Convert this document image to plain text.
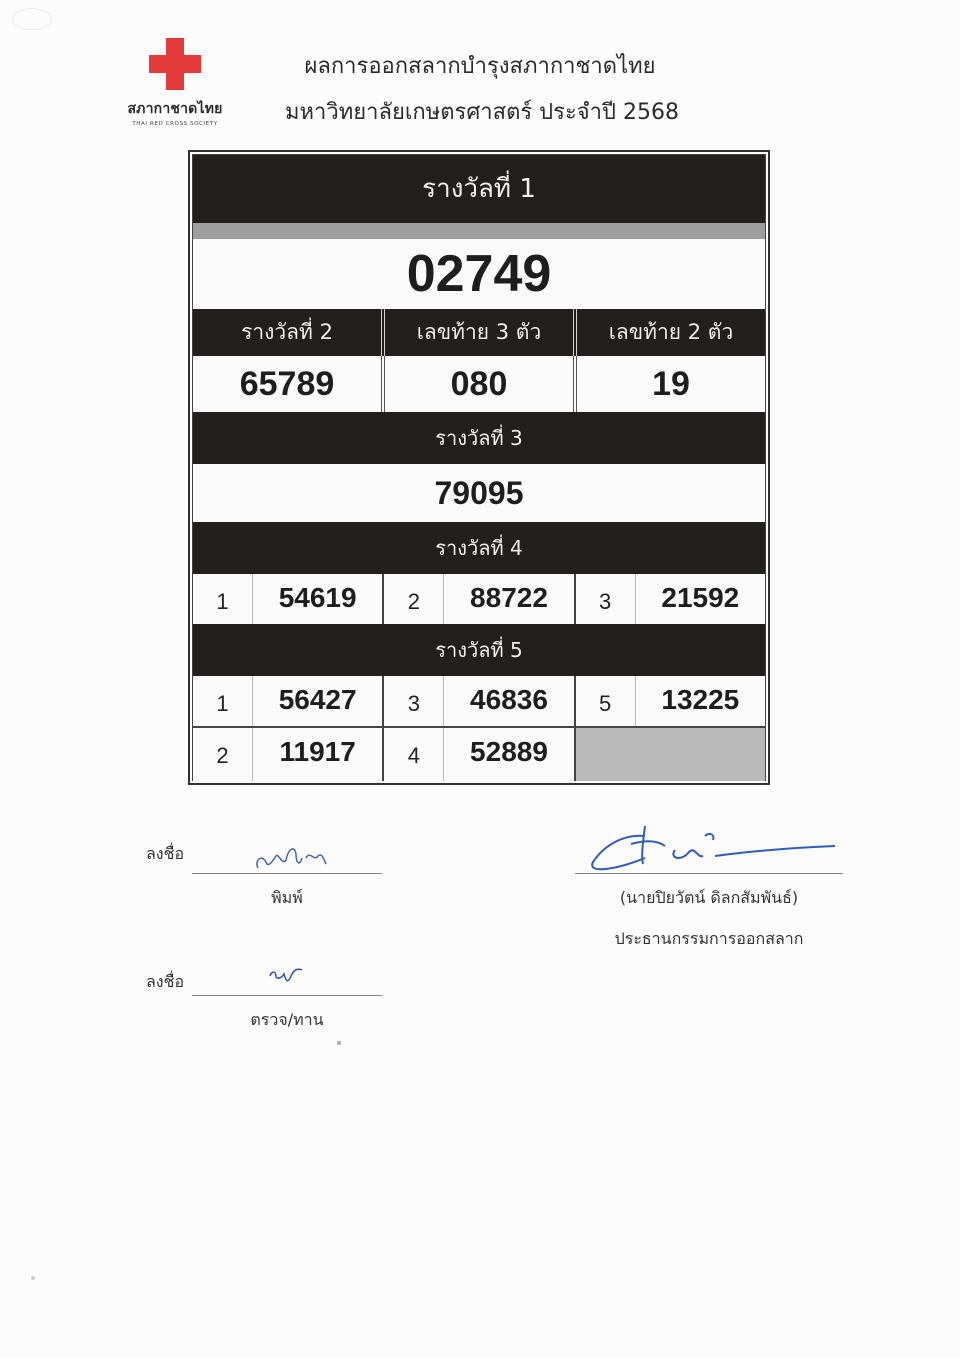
สภากาชาดไทย
THAI RED CROSS SOCIETY
ผลการออกสลากบำรุงสภากาชาดไทย
มหาวิทยาลัยเกษตรศาสตร์ ประจำปี 2568
รางวัลที่ 1
02749
รางวัลที่ 2	เลขท้าย 3 ตัว	เลขท้าย 2 ตัว
65789	080	19
รางวัลที่ 3
79095
รางวัลที่ 4
1	54619	2	88722	3	21592
รางวัลที่ 5
1	56427	3	46836	5	13225
2	11917	4	52889
ลงชื่อ
พิมพ์
ลงชื่อ
ตรวจ/ทาน
(นายปิยวัตน์ ดิลกสัมพันธ์)
ประธานกรรมการออกสลาก
